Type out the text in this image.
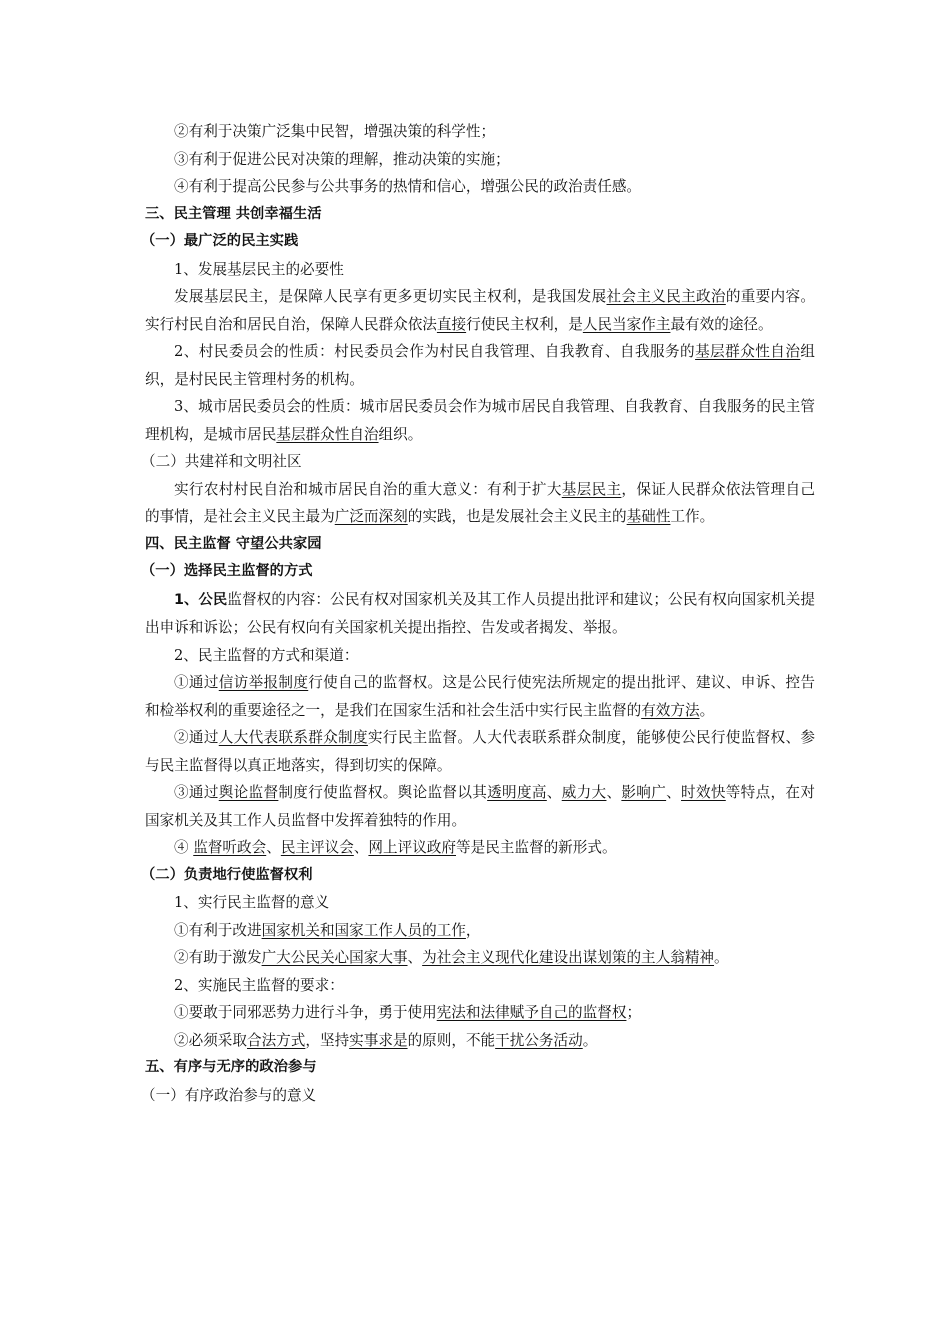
②有利于决策广泛集中民智，增强决策的科学性；
③有利于促进公民对决策的理解，推动决策的实施；
④有利于提高公民参与公共事务的热情和信心，增强公民的政治责任感。
三、民主管理 共创幸福生活
（一）最广泛的民主实践
1、发展基层民主的必要性
发展基层民主，是保障人民享有更多更切实民主权利，是我国发展社会主义民主政治的重要内容。实行村民自治和居民自治，保障人民群众依法直接行使民主权利，是人民当家作主最有效的途径。
2、村民委员会的性质：村民委员会作为村民自我管理、自我教育、自我服务的基层群众性自治组织，是村民民主管理村务的机构。
3、城市居民委员会的性质：城市居民委员会作为城市居民自我管理、自我教育、自我服务的民主管理机构，是城市居民基层群众性自治组织。
（二）共建祥和文明社区
实行农村村民自治和城市居民自治的重大意义：有利于扩大基层民主，保证人民群众依法管理自己的事情，是社会主义民主最为广泛而深刻的实践，也是发展社会主义民主的基础性工作。
四、民主监督 守望公共家园
（一）选择民主监督的方式
1、公民监督权的内容：公民有权对国家机关及其工作人员提出批评和建议；公民有权向国家机关提出申诉和诉讼；公民有权向有关国家机关提出指控、告发或者揭发、举报。
2、民主监督的方式和渠道：
①通过信访举报制度行使自己的监督权。这是公民行使宪法所规定的提出批评、建议、申诉、控告和检举权利的重要途径之一，是我们在国家生活和社会生活中实行民主监督的有效方法。
②通过人大代表联系群众制度实行民主监督。人大代表联系群众制度，能够使公民行使监督权、参与民主监督得以真正地落实，得到切实的保障。
③通过舆论监督制度行使监督权。舆论监督以其透明度高、威力大、影响广、时效快等特点，在对国家机关及其工作人员监督中发挥着独特的作用。
④ 监督听政会、民主评议会、网上评议政府等是民主监督的新形式。
（二）负责地行使监督权利
1、实行民主监督的意义
①有利于改进国家机关和国家工作人员的工作，
②有助于激发广大公民关心国家大事、为社会主义现代化建设出谋划策的主人翁精神。
2、实施民主监督的要求：
①要敢于同邪恶势力进行斗争，勇于使用宪法和法律赋予自己的监督权；
②必须采取合法方式，坚持实事求是的原则，不能干扰公务活动。
五、有序与无序的政治参与
（一）有序政治参与的意义
